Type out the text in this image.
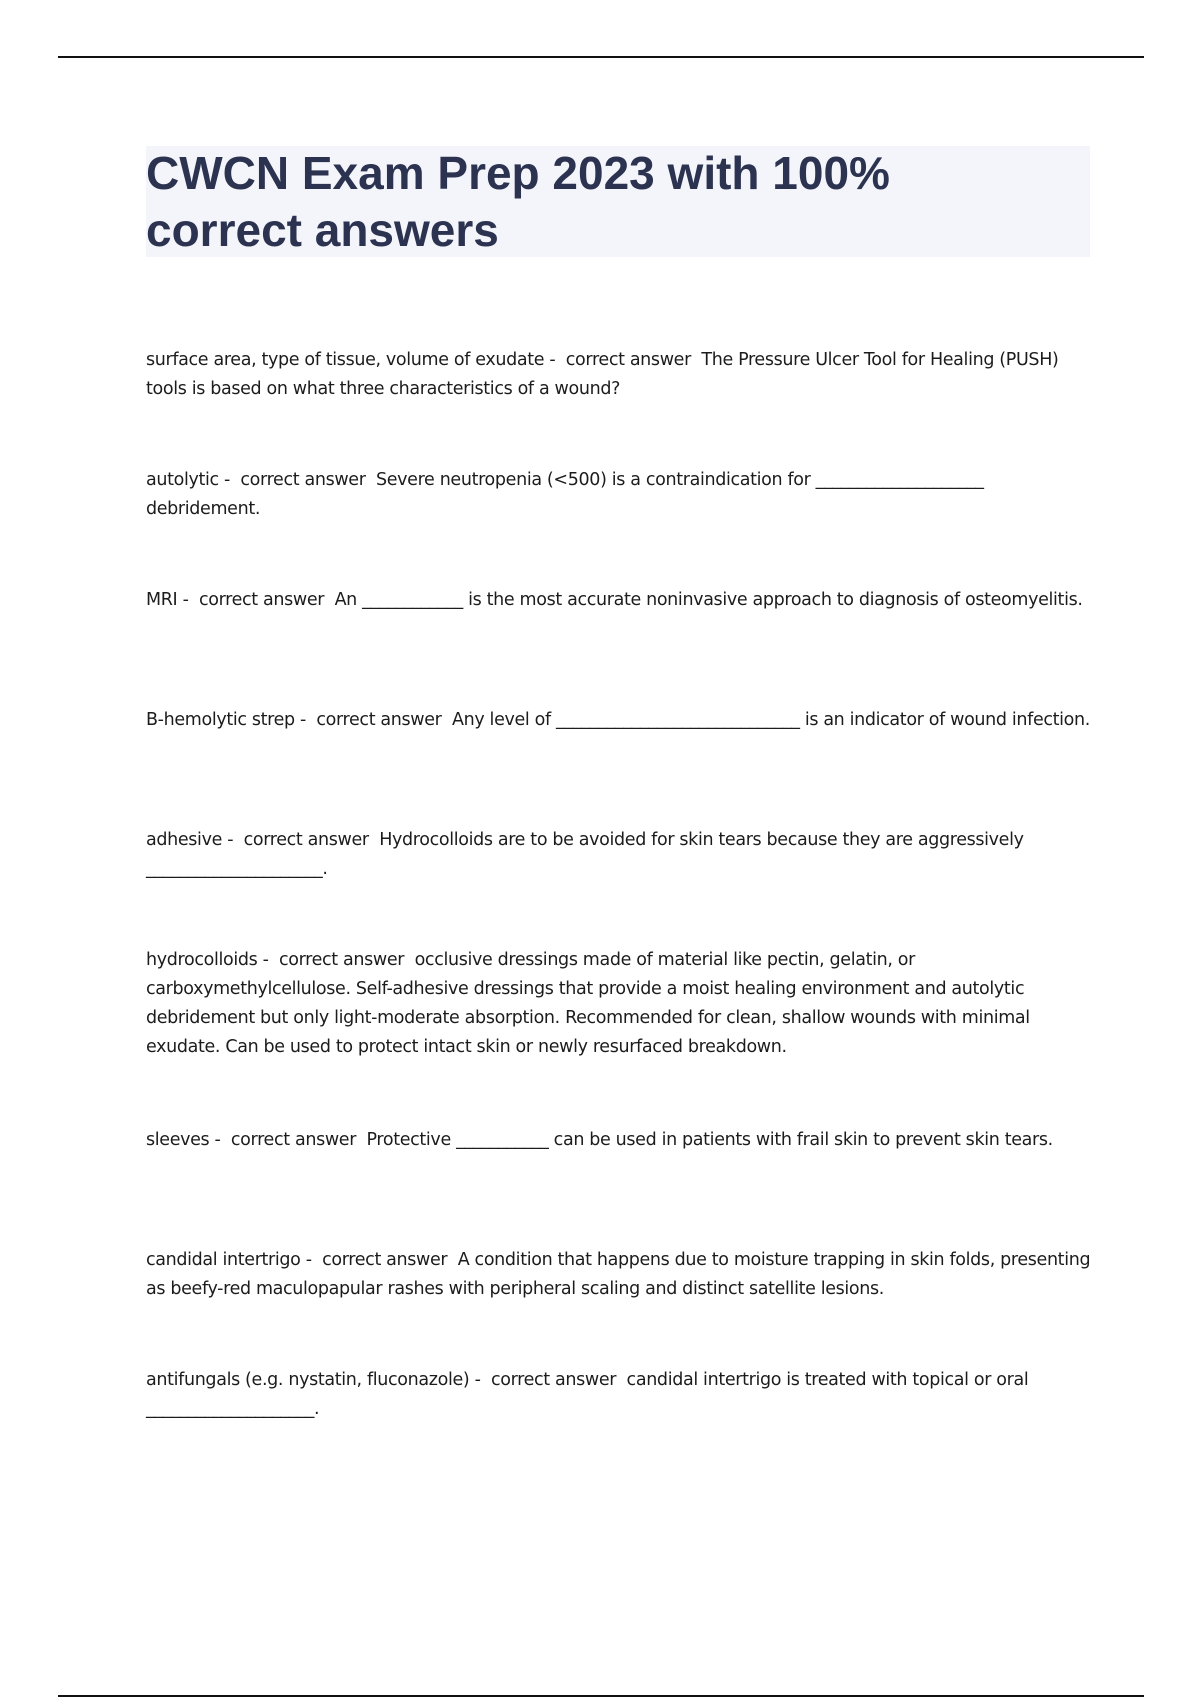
CWCN Exam Prep 2023 with 100% correct answers

surface area, type of tissue, volume of exudate -  correct answer  The Pressure Ulcer Tool for Healing (PUSH) tools is based on what three characteristics of a wound?

autolytic -  correct answer  Severe neutropenia (<500) is a contraindication for ____________________ debridement.

MRI -  correct answer  An ____________ is the most accurate noninvasive approach to diagnosis of osteomyelitis.

B-hemolytic strep -  correct answer  Any level of _____________________________ is an indicator of wound infection.

adhesive -  correct answer  Hydrocolloids are to be avoided for skin tears because they are aggressively _____________________.

hydrocolloids -  correct answer  occlusive dressings made of material like pectin, gelatin, or carboxymethylcellulose. Self-adhesive dressings that provide a moist healing environment and autolytic debridement but only light-moderate absorption. Recommended for clean, shallow wounds with minimal exudate. Can be used to protect intact skin or newly resurfaced breakdown.

sleeves -  correct answer  Protective ___________ can be used in patients with frail skin to prevent skin tears.

candidal intertrigo -  correct answer  A condition that happens due to moisture trapping in skin folds, presenting as beefy-red maculopapular rashes with peripheral scaling and distinct satellite lesions.

antifungals (e.g. nystatin, fluconazole) -  correct answer  candidal intertrigo is treated with topical or oral ____________________.
